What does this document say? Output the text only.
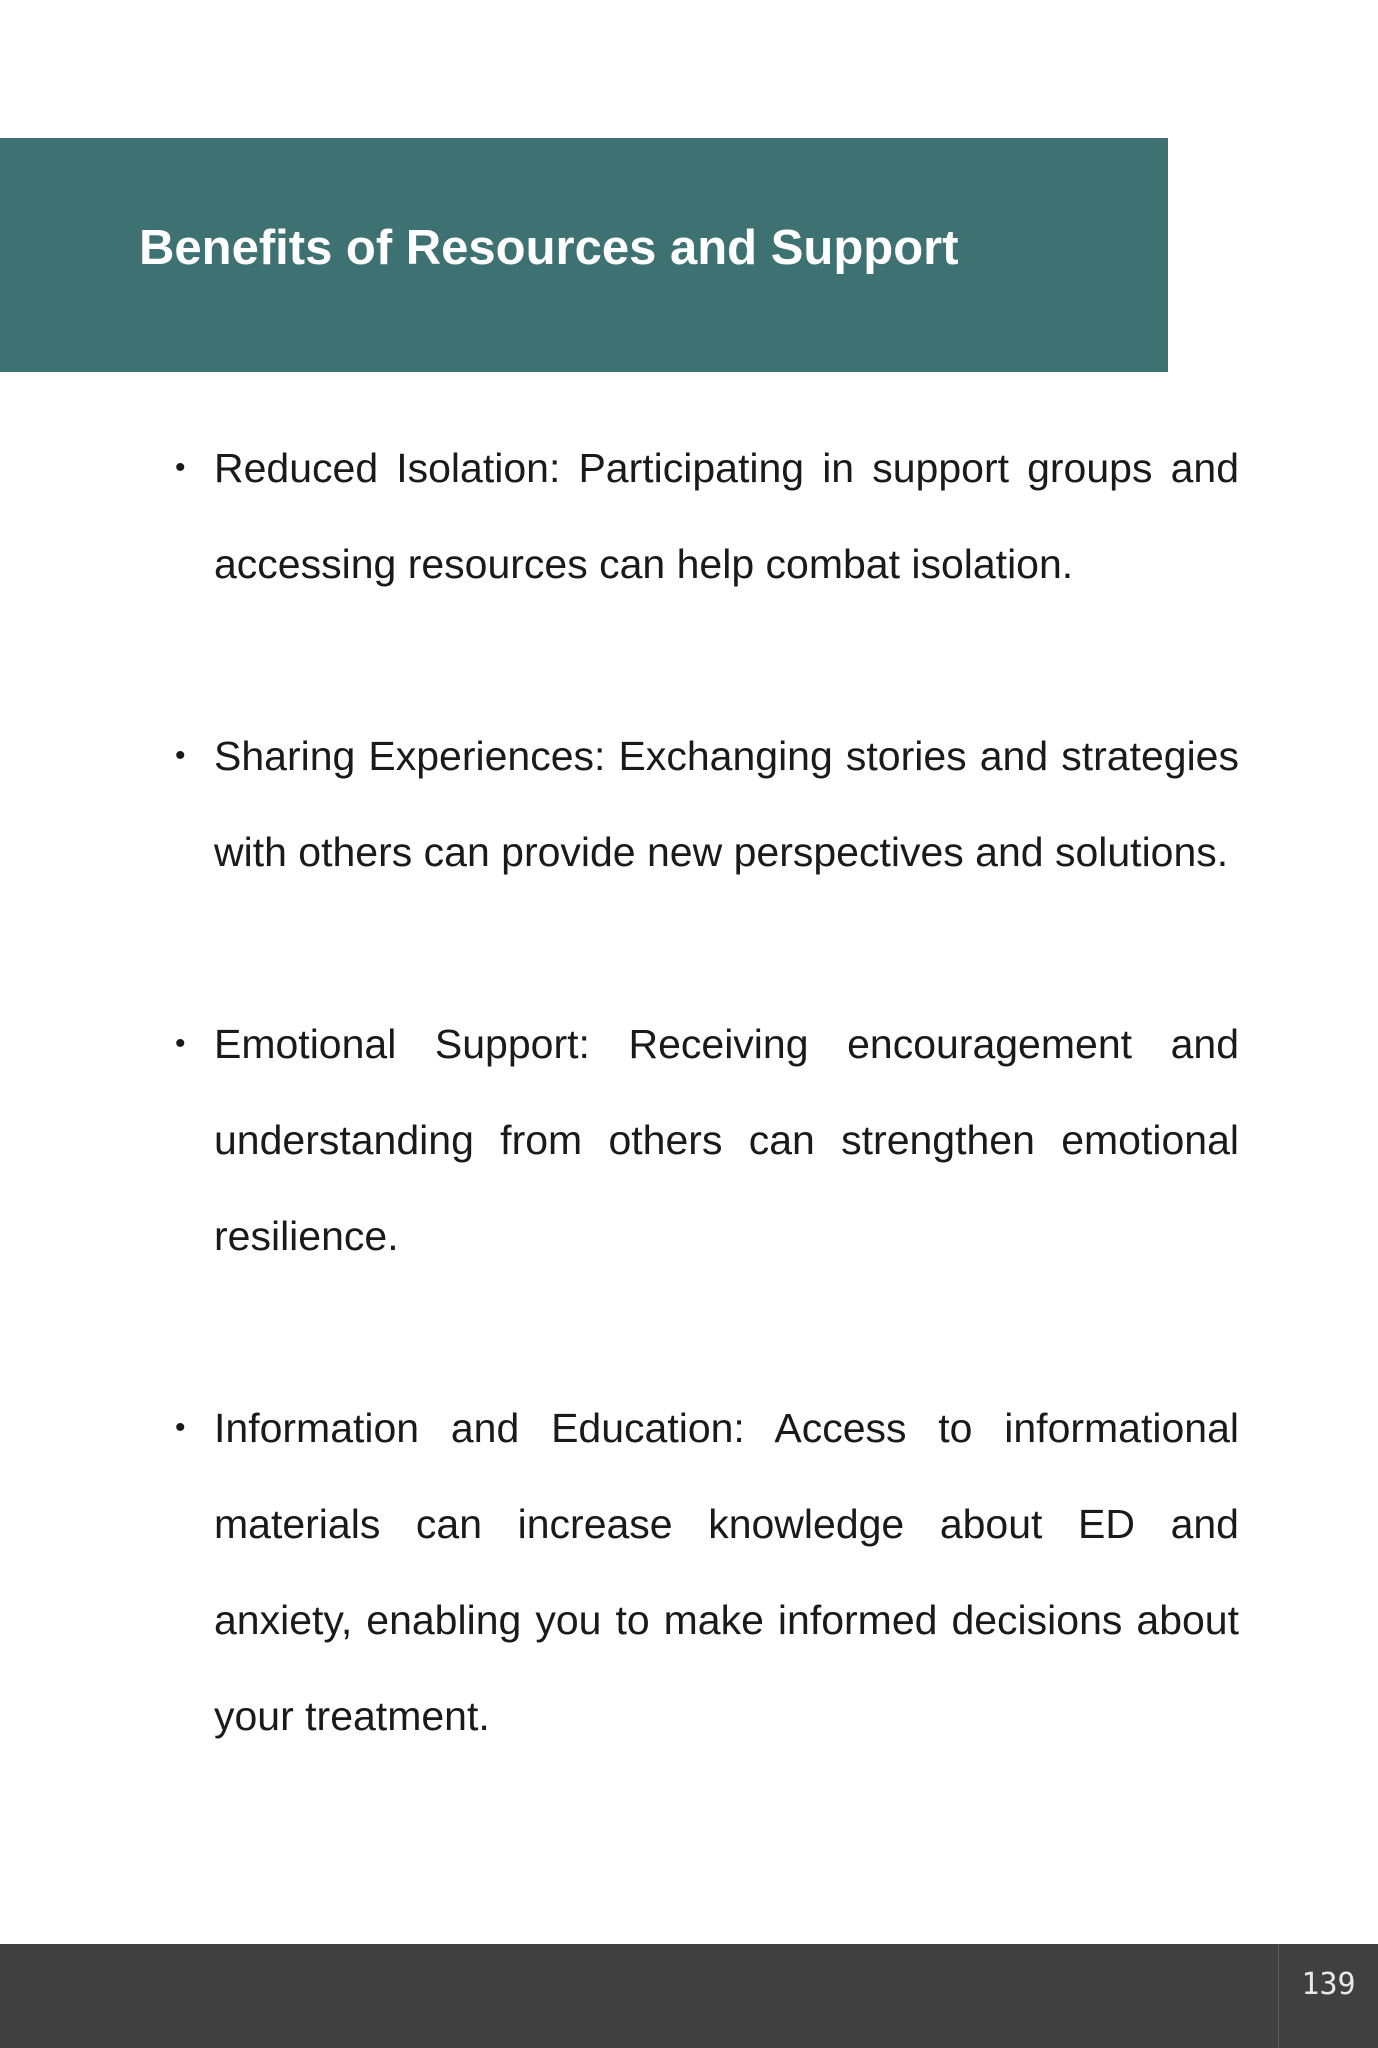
Benefits of Resources and Support
• Reduced Isolation: Participating in support groups and accessing resources can help combat isolation.
• Sharing Experiences: Exchanging stories and strategies with others can provide new perspectives and solutions.
• Emotional Support: Receiving encouragement and understanding from others can strengthen emotional resilience.
• Information and Education: Access to informational materials can increase knowledge about ED and anxiety, enabling you to make informed decisions about your treatment.
139
